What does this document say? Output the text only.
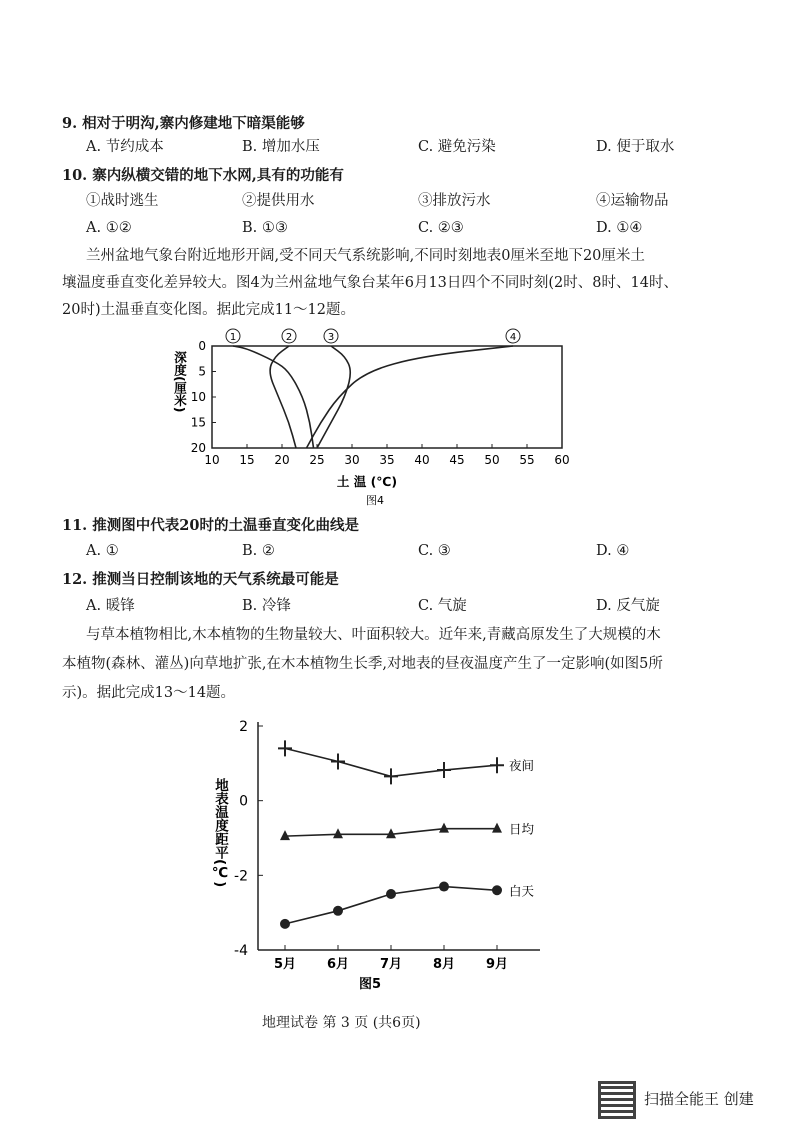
9. 相对于明沟,寨内修建地下暗渠能够
A. 节约成本	B. 增加水压	C. 避免污染	D. 便于取水
10. 寨内纵横交错的地下水网,具有的功能有
①战时逃生	②提供用水	③排放污水	④运输物品
A. ①②	B. ①③	C. ②③	D. ①④
兰州盆地气象台附近地形开阔,受不同天气系统影响,不同时刻地表0厘米至地下20厘米土
壤温度垂直变化差异较大。图4为兰州盆地气象台某年6月13日四个不同时刻(2时、8时、14时、
20时)土温垂直变化图。据此完成11～12题。
10 15 20 25 30 35 40 45 50 55 60
0
5
10
15
20
深度(厘米)
土 温 (℃)
图4
1	2	3	4
11. 推测图中代表20时的土温垂直变化曲线是
A. ①	B. ②	C. ③	D. ④
12. 推测当日控制该地的天气系统最可能是
A. 暖锋	B. 冷锋	C. 气旋	D. 反气旋
与草本植物相比,木本植物的生物量较大、叶面积较大。近年来,青藏高原发生了大规模的木
本植物(森林、灌丛)向草地扩张,在木本植物生长季,对地表的昼夜温度产生了一定影响(如图5所
示)。据此完成13～14题。
2
0
-2
-4
5月 6月 7月 8月 9月
地表温度距平(℃)
图5
夜间
日均
白天
地理试卷 第 3 页 (共6页)
扫描全能王 创建
